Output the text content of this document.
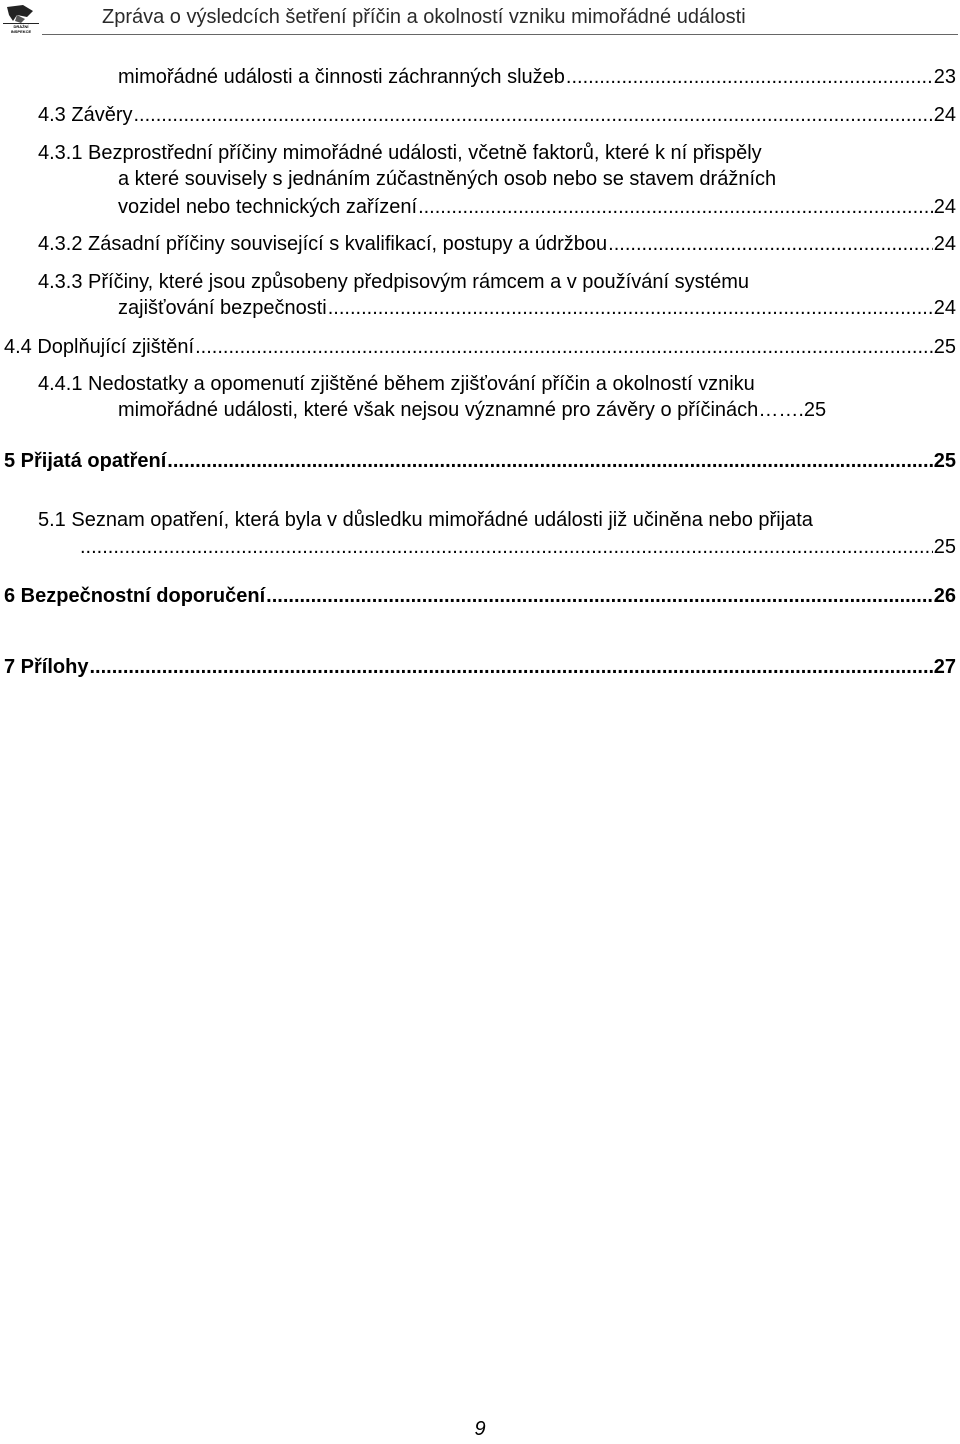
DRÁŽNÍ
INSPEKCE
Zpráva o výsledcích šetření příčin a okolností vzniku mimořádné události
mimořádné události a činnosti záchranných služeb .....	23
4.3 Závěry .....	24
4.3.1 Bezprostřední příčiny mimořádné události, včetně faktorů, které k ní přispěly
a které souvisely s jednáním zúčastněných osob nebo se stavem drážních
vozidel nebo technických zařízení .....	24
4.3.2 Zásadní příčiny související s kvalifikací, postupy a údržbou .....	24
4.3.3 Příčiny, které jsou způsobeny předpisovým rámcem a v používání systému
zajišťování bezpečnosti .....	24
4.4 Doplňující zjištění .....	25
4.4.1 Nedostatky a opomenutí zjištěné během zjišťování příčin a okolností vzniku
mimořádné události, které však nejsou významné pro závěry o příčinách ……. 25
5 Přijatá opatření .....	25
5.1 Seznam opatření, která byla v důsledku mimořádné události již učiněna nebo přijata
.....
25
6 Bezpečnostní doporučení .....	26
7 Přílohy .....	27
9
